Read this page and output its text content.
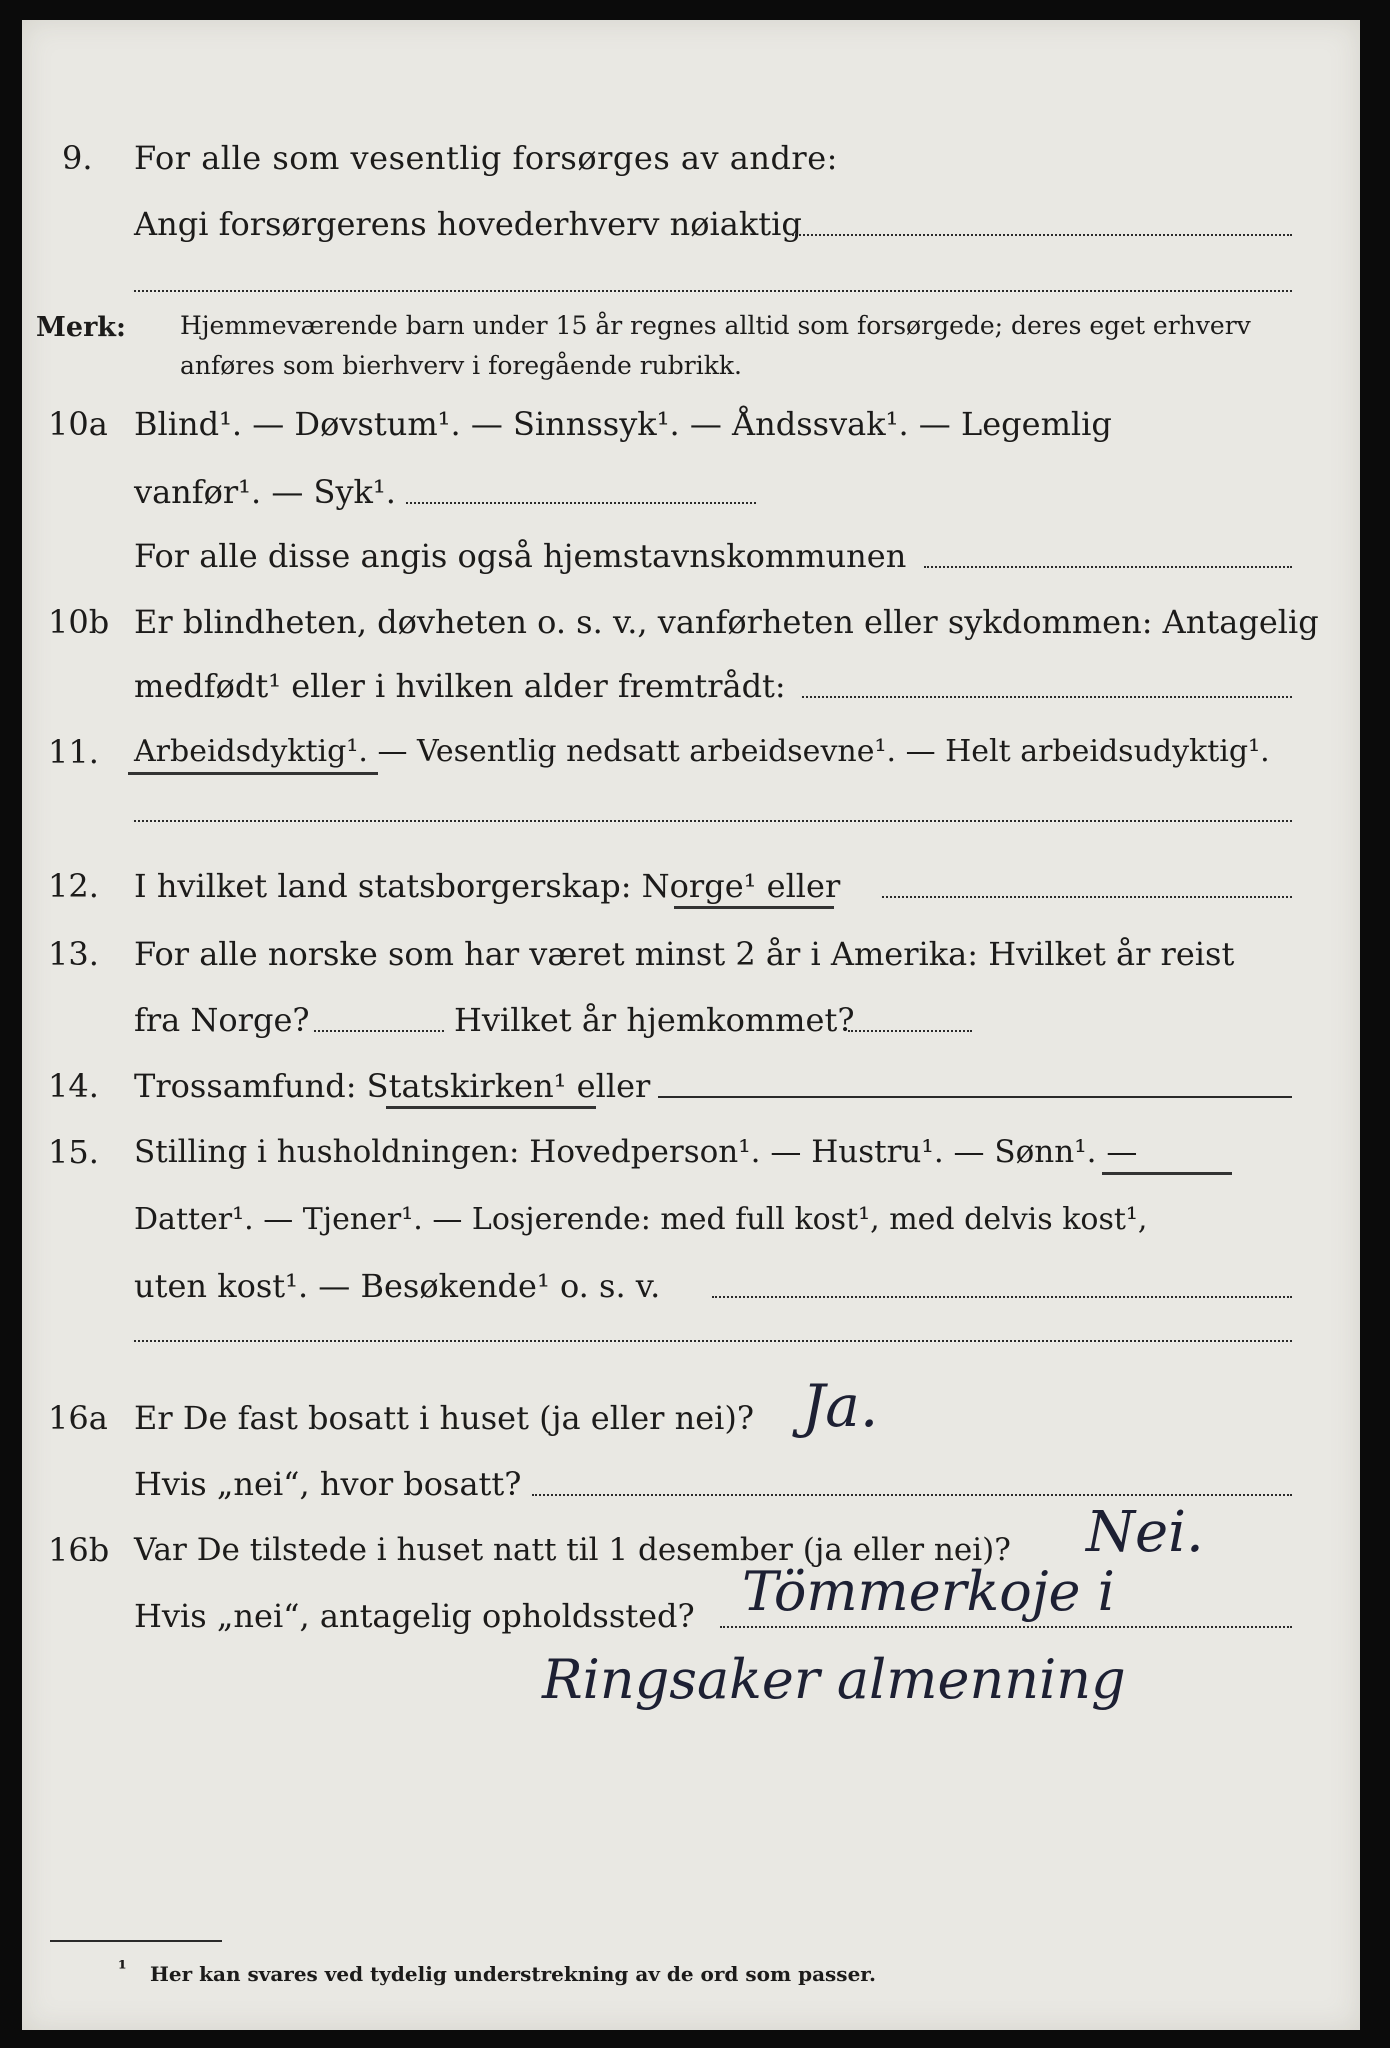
9. For alle som vesentlig forsørges av andre:
Angi forsørgerens hovederhverv nøiaktig
Merk: Hjemmeværende barn under 15 år regnes alltid som forsørgede; deres eget erhverv
anføres som bierhverv i foregående rubrikk.
10a Blind¹. — Døvstum¹. — Sinnssyk¹. — Åndssvak¹. — Legemlig
vanfør¹. — Syk¹.
For alle disse angis også hjemstavnskommunen
10b Er blindheten, døvheten o. s. v., vanførheten eller sykdommen: Antagelig
medfødt¹ eller i hvilken alder fremtrådt:
11. Arbeidsdyktig¹. — Vesentlig nedsatt arbeidsevne¹. — Helt arbeidsudyktig¹.
12. I hvilket land statsborgerskap: Norge¹ eller
13. For alle norske som har været minst 2 år i Amerika: Hvilket år reist
fra Norge?	Hvilket år hjemkommet?
14. Trossamfund: Statskirken¹ eller
15. Stilling i husholdningen: Hovedperson¹. — Hustru¹. — Sønn¹. —
Datter¹. — Tjener¹. — Losjerende: med full kost¹, med delvis kost¹,
uten kost¹. — Besøkende¹ o. s. v.
16a Er De fast bosatt i huset (ja eller nei)? Ja.
Hvis „nei“, hvor bosatt?
16b Var De tilstede i huset natt til 1 desember (ja eller nei)? Nei.
Hvis „nei“, antagelig opholdssted? Tömmerkoje i
Ringsaker almenning
¹ Her kan svares ved tydelig understrekning av de ord som passer.
